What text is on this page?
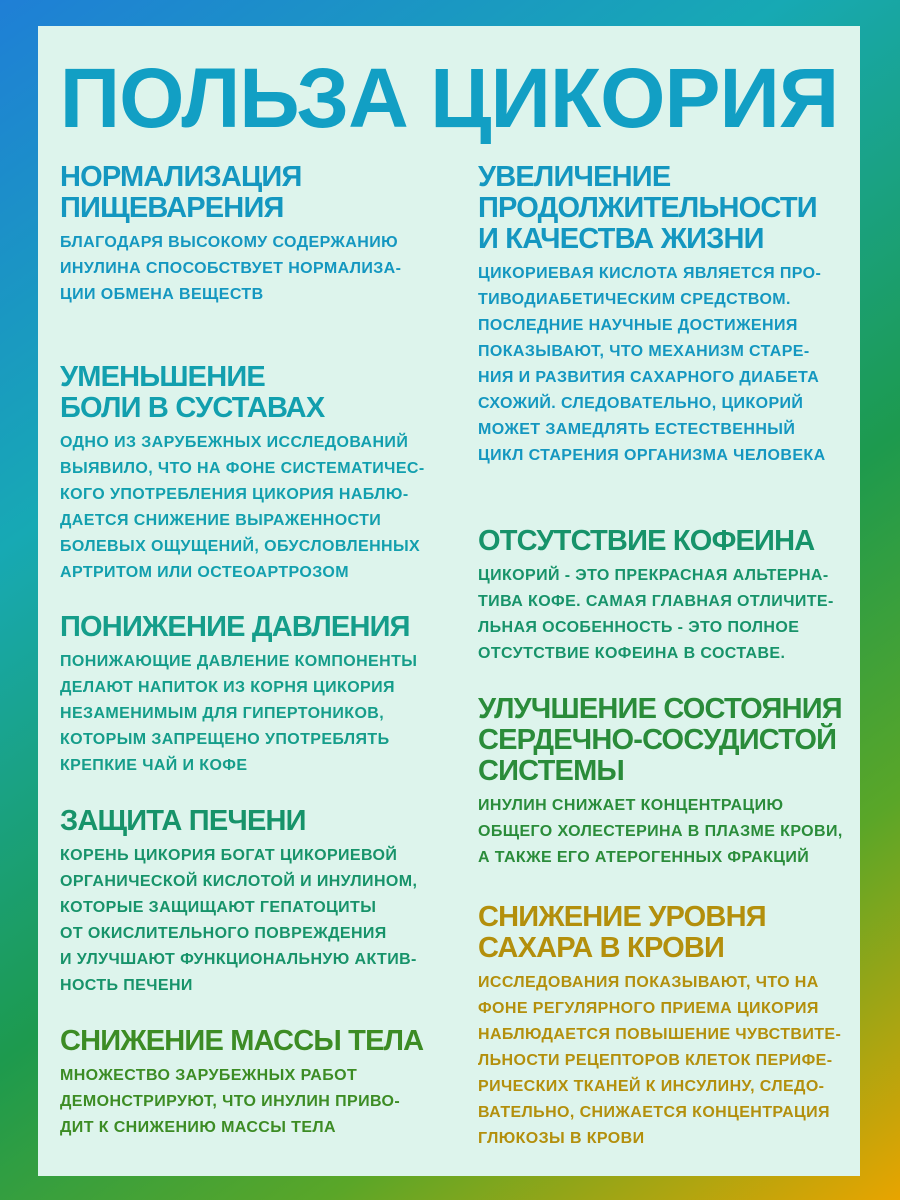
ПОЛЬЗА ЦИКОРИЯ
НОРМАЛИЗАЦИЯ
ПИЩЕВАРЕНИЯ

БЛАГОДАРЯ ВЫСОКОМУ СОДЕРЖАНИЮ
ИНУЛИНА СПОСОБСТВУЕТ НОРМАЛИЗА-
ЦИИ ОБМЕНА ВЕЩЕСТВ

УМЕНЬШЕНИЕ
БОЛИ В СУСТАВАХ

ОДНО ИЗ ЗАРУБЕЖНЫХ ИССЛЕДОВАНИЙ
ВЫЯВИЛО, ЧТО НА ФОНЕ СИСТЕМАТИЧЕС-
КОГО УПОТРЕБЛЕНИЯ ЦИКОРИЯ НАБЛЮ-
ДАЕТСЯ СНИЖЕНИЕ ВЫРАЖЕННОСТИ
БОЛЕВЫХ ОЩУЩЕНИЙ, ОБУСЛОВЛЕННЫХ
АРТРИТОМ ИЛИ ОСТЕОАРТРОЗОМ

ПОНИЖЕНИЕ ДАВЛЕНИЯ

ПОНИЖАЮЩИЕ ДАВЛЕНИЕ КОМПОНЕНТЫ
ДЕЛАЮТ НАПИТОК ИЗ КОРНЯ ЦИКОРИЯ
НЕЗАМЕНИМЫМ ДЛЯ ГИПЕРТОНИКОВ,
КОТОРЫМ ЗАПРЕЩЕНО УПОТРЕБЛЯТЬ
КРЕПКИЕ ЧАЙ И КОФЕ

ЗАЩИТА ПЕЧЕНИ

КОРЕНЬ ЦИКОРИЯ БОГАТ ЦИКОРИЕВОЙ
ОРГАНИЧЕСКОЙ КИСЛОТОЙ И ИНУЛИНОМ,
КОТОРЫЕ ЗАЩИЩАЮТ ГЕПАТОЦИТЫ
ОТ ОКИСЛИТЕЛЬНОГО ПОВРЕЖДЕНИЯ
И УЛУЧШАЮТ ФУНКЦИОНАЛЬНУЮ АКТИВ-
НОСТЬ ПЕЧЕНИ

СНИЖЕНИЕ МАССЫ ТЕЛА

МНОЖЕСТВО ЗАРУБЕЖНЫХ РАБОТ
ДЕМОНСТРИРУЮТ, ЧТО ИНУЛИН ПРИВО-
ДИТ К СНИЖЕНИЮ МАССЫ ТЕЛА

УВЕЛИЧЕНИЕ
ПРОДОЛЖИТЕЛЬНОСТИ
И КАЧЕСТВА ЖИЗНИ

ЦИКОРИЕВАЯ КИСЛОТА ЯВЛЯЕТСЯ ПРО-
ТИВОДИАБЕТИЧЕСКИМ СРЕДСТВОМ.
ПОСЛЕДНИЕ НАУЧНЫЕ ДОСТИЖЕНИЯ
ПОКАЗЫВАЮТ, ЧТО МЕХАНИЗМ СТАРЕ-
НИЯ И РАЗВИТИЯ САХАРНОГО ДИАБЕТА
СХОЖИЙ. СЛЕДОВАТЕЛЬНО, ЦИКОРИЙ
МОЖЕТ ЗАМЕДЛЯТЬ ЕСТЕСТВЕННЫЙ
ЦИКЛ СТАРЕНИЯ ОРГАНИЗМА ЧЕЛОВЕКА

ОТСУТСТВИЕ КОФЕИНА

ЦИКОРИЙ - ЭТО ПРЕКРАСНАЯ АЛЬТЕРНА-
ТИВА КОФЕ. САМАЯ ГЛАВНАЯ ОТЛИЧИТЕ-
ЛЬНАЯ ОСОБЕННОСТЬ - ЭТО ПОЛНОЕ
ОТСУТСТВИЕ КОФЕИНА В СОСТАВЕ.

УЛУЧШЕНИЕ СОСТОЯНИЯ
СЕРДЕЧНО-СОСУДИСТОЙ
СИСТЕМЫ

ИНУЛИН СНИЖАЕТ КОНЦЕНТРАЦИЮ
ОБЩЕГО ХОЛЕСТЕРИНА В ПЛАЗМЕ КРОВИ,
А ТАКЖЕ ЕГО АТЕРОГЕННЫХ ФРАКЦИЙ

СНИЖЕНИЕ УРОВНЯ
САХАРА В КРОВИ

ИССЛЕДОВАНИЯ ПОКАЗЫВАЮТ, ЧТО НА
ФОНЕ РЕГУЛЯРНОГО ПРИЕМА ЦИКОРИЯ
НАБЛЮДАЕТСЯ ПОВЫШЕНИЕ ЧУВСТВИТЕ-
ЛЬНОСТИ РЕЦЕПТОРОВ КЛЕТОК ПЕРИФЕ-
РИЧЕСКИХ ТКАНЕЙ К ИНСУЛИНУ, СЛЕДО-
ВАТЕЛЬНО, СНИЖАЕТСЯ КОНЦЕНТРАЦИЯ
ГЛЮКОЗЫ В КРОВИ
